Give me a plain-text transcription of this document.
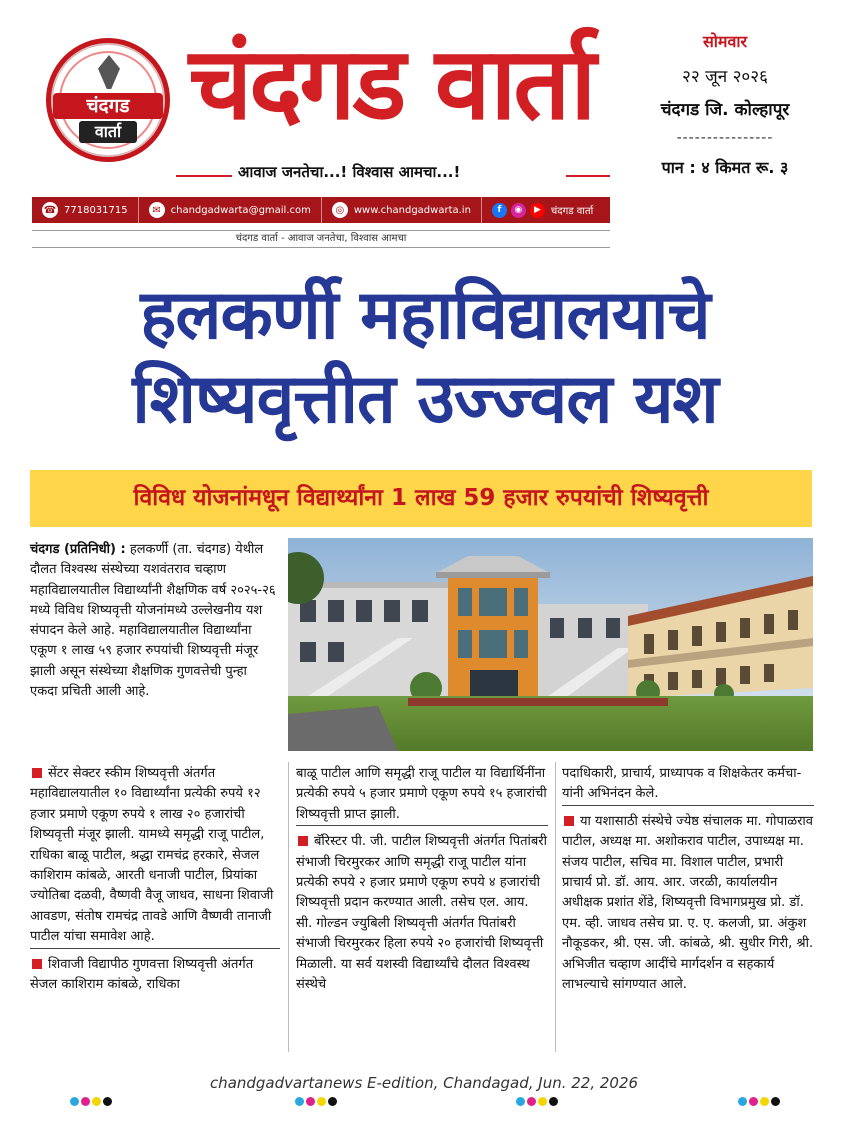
चंदगड
वार्ता चंदगड वार्ता
आवाज जनतेचा...! विश्वास आमचा...!
☎ 7718031715	✉ chandgadwarta@gmail.com	◎ www.chandgadwarta.in	f	◉	▶	चंदगड वार्ता
चंदगड वार्ता - आवाज जनतेचा, विश्वास आमचा
सोमवार
२२ जून २०२६
चंदगड जि. कोल्हापूर
----------------
पान : ४ किमत रू. ३
हलकर्णी महाविद्यालयाचे
शिष्यवृत्तीत उज्ज्वल यश
विविध योजनांमधून विद्यार्थ्यांना 1 लाख 59 हजार रुपयांची शिष्यवृत्ती
चंदगड (प्रतिनिधी) : हलकर्णी (ता. चंदगड) येथील दौलत विश्वस्थ संस्थेच्या यशवंतराव चव्हाण महाविद्यालयातील विद्यार्थ्यांनी शैक्षणिक वर्ष २०२५-२६ मध्ये विविध शिष्यवृत्ती योजनांमध्ये उल्लेखनीय यश संपादन केले आहे. महाविद्यालयातील विद्यार्थ्यांना एकूण १ लाख ५९ हजार रुपयांची शिष्यवृत्ती मंजूर झाली असून संस्थेच्या शैक्षणिक गुणवत्तेची पुन्हा एकदा प्रचिती आली आहे.

सेंटर सेक्टर स्कीम शिष्यवृत्ती अंतर्गत महाविद्यालयातील १० विद्यार्थ्यांना प्रत्येकी रुपये १२ हजार प्रमाणे एकूण रुपये १ लाख २० हजारांची शिष्यवृत्ती मंजूर झाली. यामध्ये समृद्धी राजू पाटील, राधिका बाळू पाटील, श्रद्धा रामचंद्र हरकारे, सेजल काशिराम कांबळे, आरती धनाजी पाटील, प्रियांका ज्योतिबा दळवी, वैष्णवी वैजू जाधव, साधना शिवाजी आवडण, संतोष रामचंद्र तावडे आणि वैष्णवी तानाजी पाटील यांचा समावेश आहे.

शिवाजी विद्यापीठ गुणवत्ता शिष्यवृत्ती अंतर्गत सेजल काशिराम कांबळे, राधिका

बाळू पाटील आणि समृद्धी राजू पाटील या विद्यार्थिनींना प्रत्येकी रुपये ५ हजार प्रमाणे एकूण रुपये १५ हजारांची शिष्यवृत्ती प्राप्त झाली.

बॅरिस्टर पी. जी. पाटील शिष्यवृत्ती अंतर्गत पितांबरी संभाजी चिरमुरकर आणि समृद्धी राजू पाटील यांना प्रत्येकी रुपये २ हजार प्रमाणे एकूण रुपये ४ हजारांची शिष्यवृत्ती प्रदान करण्यात आली. तसेच एल. आय. सी. गोल्डन ज्युबिली शिष्यवृत्ती अंतर्गत पितांबरी संभाजी चिरमुरकर हिला रुपये २० हजारांची शिष्यवृत्ती मिळाली. या सर्व यशस्वी विद्यार्थ्यांचे दौलत विश्वस्थ संस्थेचे

पदाधिकारी, प्राचार्य, प्राध्यापक व शिक्षकेतर कर्मचा-यांनी अभिनंदन केले.

या यशासाठी संस्थेचे ज्येष्ठ संचालक मा. गोपाळराव पाटील, अध्यक्ष मा. अशोकराव पाटील, उपाध्यक्ष मा. संजय पाटील, सचिव मा. विशाल पाटील, प्रभारी प्राचार्य प्रो. डॉ. आय. आर. जरळी, कार्यालयीन अधीक्षक प्रशांत शेंडे, शिष्यवृत्ती विभागप्रमुख प्रो. डॉ. एम. व्ही. जाधव तसेच प्रा. ए. ए. कलजी, प्रा. अंकुश नौकूडकर, श्री. एस. जी. कांबळे, श्री. सुधीर गिरी, श्री. अभिजीत चव्हाण आदींचे मार्गदर्शन व सहकार्य लाभल्याचे सांगण्यात आले.

chandgadvartanews E-edition, Chandagad, Jun. 22, 2026
